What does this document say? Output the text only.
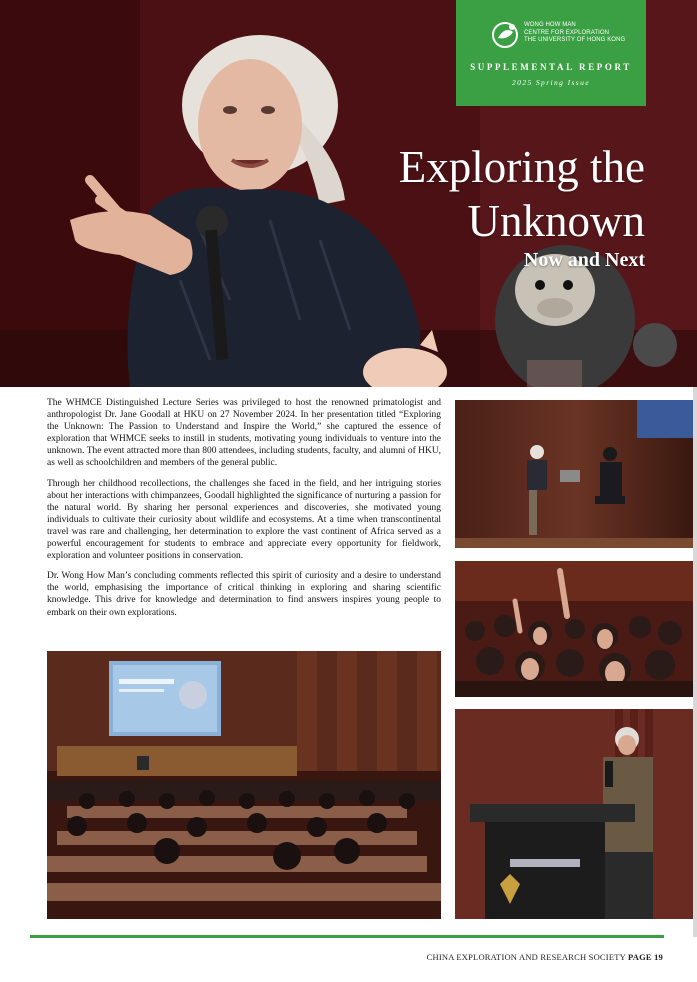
WONG HOW MAN
CENTRE FOR EXPLORATION
THE UNIVERSITY OF HONG KONG
SUPPLEMENTAL REPORT
2025 Spring Issue
Exploring the
Unknown
Now and Next

The WHMCE Distinguished Lecture Series was privileged to host the renowned primatologist and anthropologist Dr. Jane Goodall at HKU on 27 November 2024. In her presentation titled “Exploring the Unknown: The Passion to Understand and Inspire the World,” she captured the essence of exploration that WHMCE seeks to instill in students, motivating young individuals to venture into the unknown. The event attracted more than 800 attendees, including students, faculty, and alumni of HKU, as well as schoolchildren and members of the general public.

Through her childhood recollections, the challenges she faced in the field, and her intriguing stories about her interactions with chimpanzees, Goodall highlighted the significance of nurturing a passion for the natural world. By sharing her personal experiences and discoveries, she motivated young individuals to cultivate their curiosity about wildlife and ecosystems. At a time when transcontinental travel was rare and challenging, her determination to explore the vast continent of Africa served as a powerful encouragement for students to embrace and appreciate every opportunity for fieldwork, exploration and volunteer positions in conservation.

Dr. Wong How Man’s concluding comments reflected this spirit of curiosity and a desire to understand the world, emphasising the importance of critical thinking in exploring and sharing scientific knowledge. This drive for knowledge and determination to find answers inspires young people to embark on their own explorations.

CHINA EXPLORATION AND RESEARCH SOCIETY PAGE 19
